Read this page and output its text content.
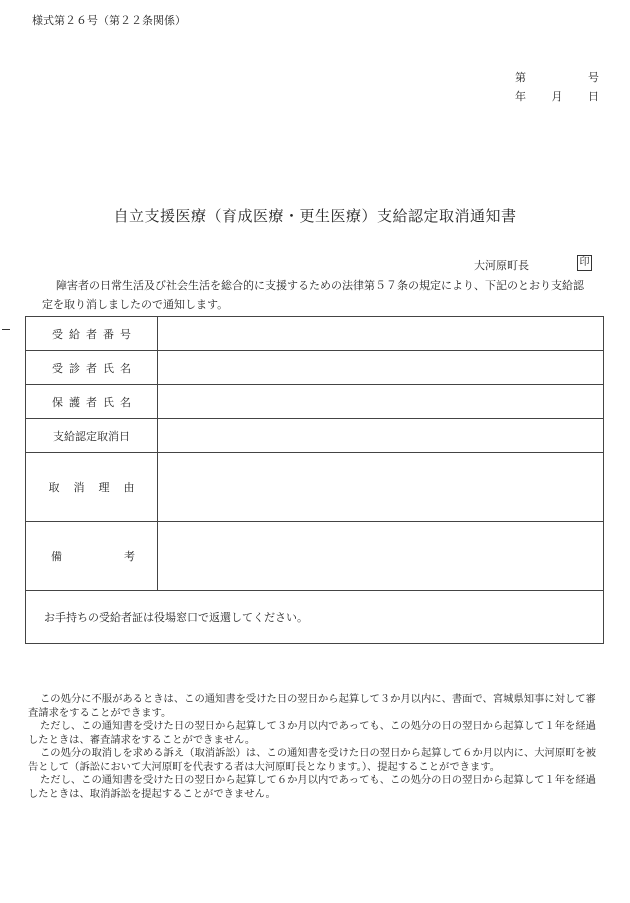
様式第２６号（第２２条関係）
第	号
年 月 日
自立支援医療（育成医療・更生医療）支給認定取消通知書
大河原町長	印
障害者の日常生活及び社会生活を総合的に支援するための法律第５７条の規定により、下記のとおり支給認定を取り消しましたので通知します。
受給者番号	

受診者氏名	

保護者氏名	

支給認定取消日	

取消理由	

備 考	

お手持ちの受給者証は役場窓口で返還してください。	

この処分に不服があるときは、この通知書を受けた日の翌日から起算して３か月以内に、書面で、宮城県知事に対して審査請求をすることができます。

ただし、この通知書を受けた日の翌日から起算して３か月以内であっても、この処分の日の翌日から起算して１年を経過したときは、審査請求をすることができません。

この処分の取消しを求める訴え（取消訴訟）は、この通知書を受けた日の翌日から起算して６か月以内に、大河原町を被告として（訴訟において大河原町を代表する者は大河原町長となります。）、提起することができます。

ただし、この通知書を受けた日の翌日から起算して６か月以内であっても、この処分の日の翌日から起算して１年を経過したときは、取消訴訟を提起することができません。
